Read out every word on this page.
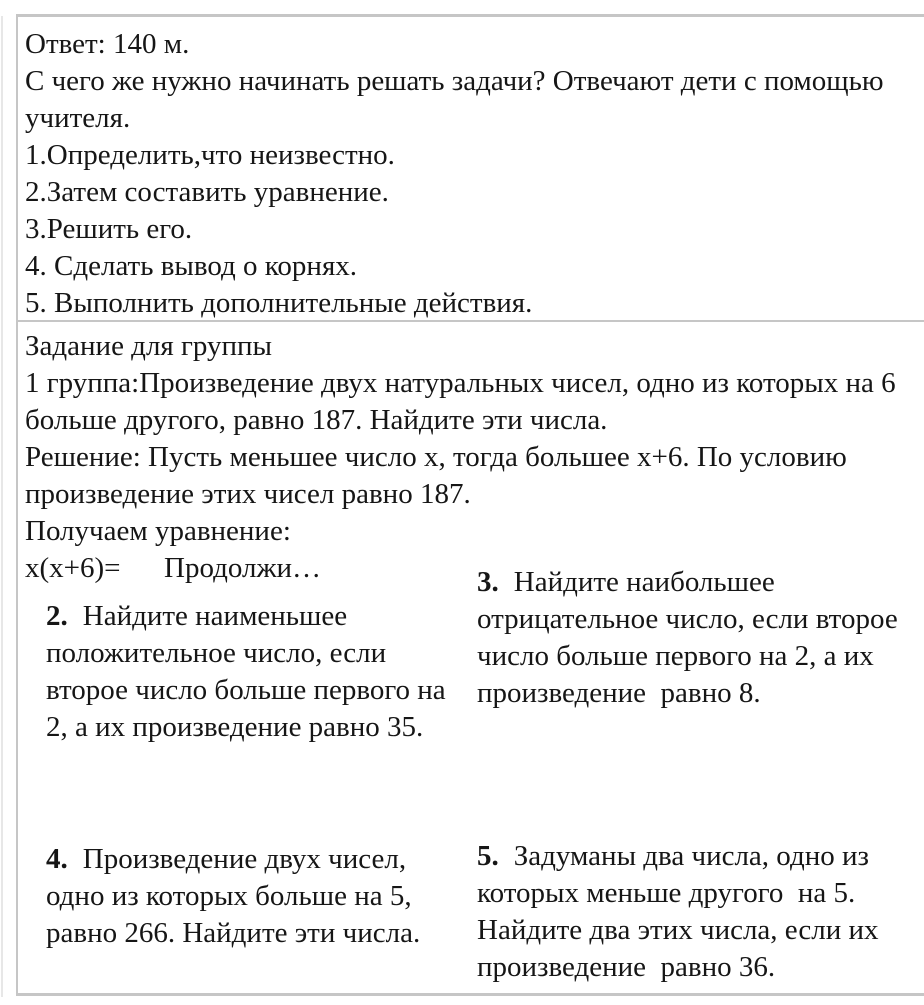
Ответ: 140 м.

С чего же нужно начинать решать задачи? Отвечают дети с помощью учителя.

1.Определить,что неизвестно.

2.Затем составить уравнение.

3.Решить его.

4. Сделать вывод о корнях.

5. Выполнить дополнительные действия.

Задание для группы

1 группа:Произведение двух натуральных чисел, одно из которых на 6 больше другого, равно 187. Найдите эти числа.

Решение: Пусть меньшее число х, тогда большее х+6. По условию произведение этих чисел равно 187.

Получаем уравнение:

х(х+6)=      Продолжи…

2. Найдите наименьшее положительное число, если второе число больше первого на 2, а их произведение равно 35.
3. Найдите наибольшее отрицательное число, если второе число больше первого на 2, а их произведение  равно 8.
4. Произведение двух чисел, одно из которых больше на 5, равно 266. Найдите эти числа.
5. Задуманы два числа, одно из которых меньше другого  на 5. Найдите два этих числа, если их произведение  равно 36.
